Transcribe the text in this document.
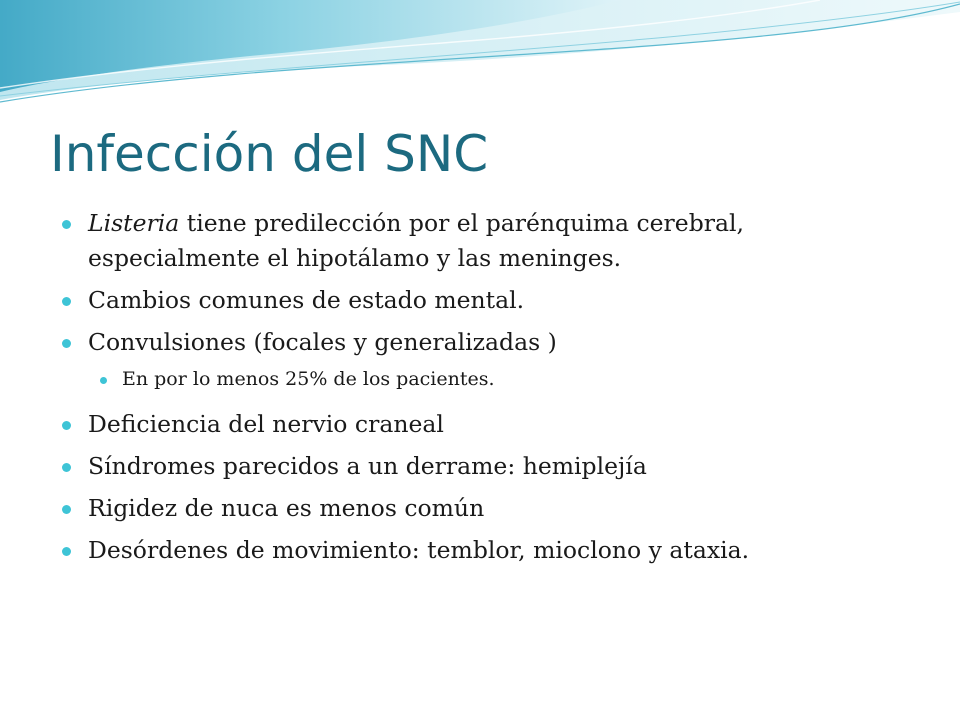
Infección del SNC
Listeria tiene predilección por el parénquima cerebral, especialmente el hipotálamo y las meninges.
Cambios comunes de estado mental.
Convulsiones (focales y generalizadas )
En por lo menos 25% de los pacientes.
Deficiencia del nervio craneal
Síndromes parecidos a un derrame: hemiplejía
Rigidez de nuca es menos común
Desórdenes de movimiento: temblor, mioclono y ataxia.
